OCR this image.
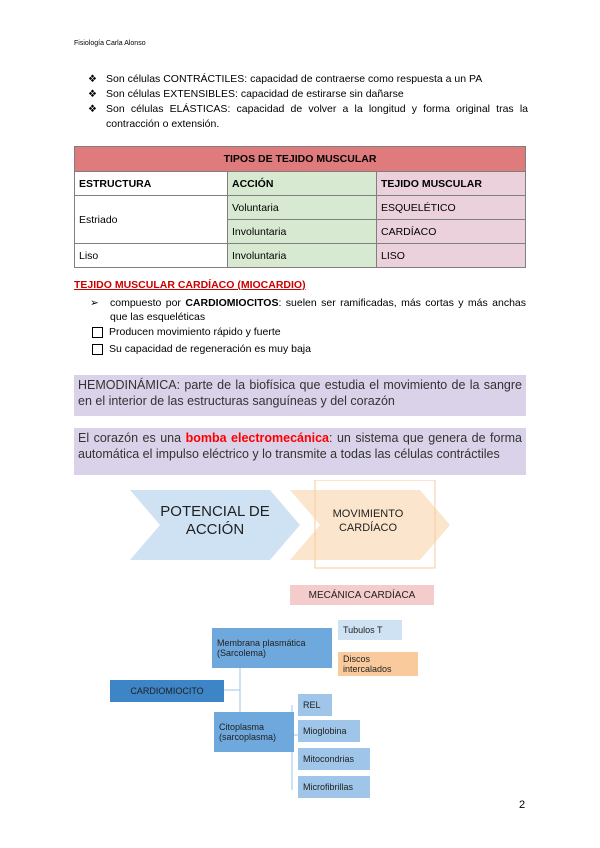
Fisiología Carla Alonso
❖ Son células CONTRÁCTILES: capacidad de contraerse como respuesta a un PA
❖ Son células EXTENSIBLES: capacidad de estirarse sin dañarse
❖ Son células ELÁSTICAS: capacidad de volver a la longitud y forma original tras la contracción o extensión.
TIPOS DE TEJIDO MUSCULAR		
ESTRUCTURA	ACCIÓN	TEJIDO MUSCULAR
Estriado	Voluntaria	ESQUELÉTICO
	Involuntaria	CARDÍACO
Liso	Involuntaria	LISO
TEJIDO MUSCULAR CARDÍACO (MIOCARDIO)
➢	compuesto por CARDIOMIOCITOS: suelen ser ramificadas, más cortas y más anchas que las esqueléticas
Producen movimiento rápido y fuerte
Su capacidad de regeneración es muy baja
HEMODINÁMICA: parte de la biofísica que estudia el movimiento de la sangre en el interior de las estructuras sanguíneas y del corazón
El corazón es una bomba electromecánica: un sistema que genera de forma automática el impulso eléctrico y lo transmite a todas las células contráctiles
POTENCIAL DE ACCIÓN
MOVIMIENTO CARDÍACO
MECÁNICA CARDÍACA
CARDIOMIOCITO
Membrana plasmática (Sarcolema)
Tubulos T
Discos intercalados
Citoplasma (sarcoplasma)
REL
Mioglobina
Mitocondrias
Microfibrillas
2
